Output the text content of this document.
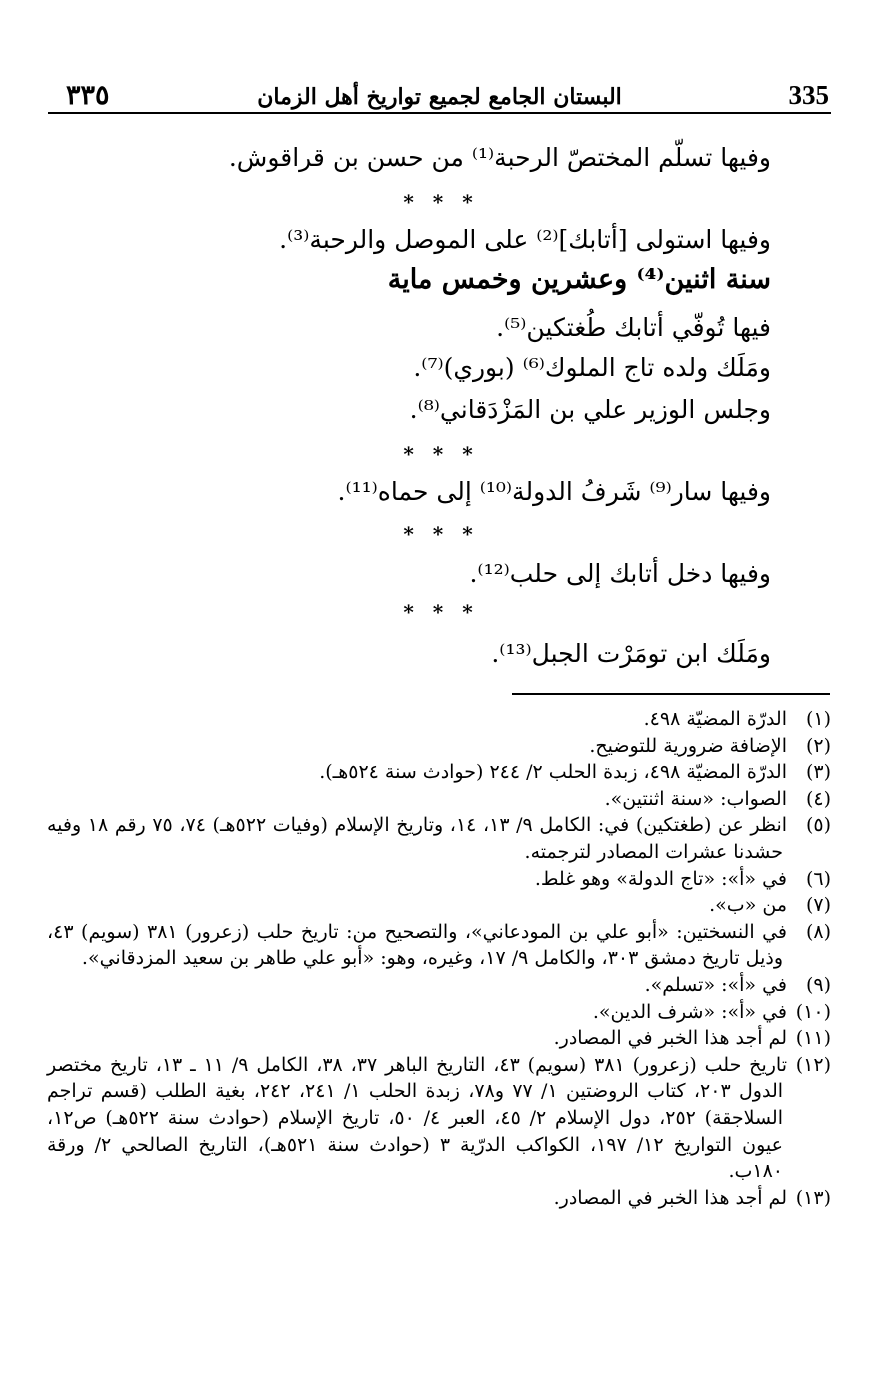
٣٣٥	البستان الجامع لجميع تواريخ أهل الزمان	335
وفيها تسلّم المختصّ الرحبة⁽¹⁾ من حسن بن قراقوش.
* * *
وفيها استولى [أتابك]⁽²⁾ على الموصل والرحبة⁽³⁾.
سنة اثنين⁽⁴⁾ وعشرين وخمس ماية
فيها تُوفّي أتابك طُغتكين⁽⁵⁾.
ومَلَك ولده تاج الملوك⁽⁶⁾ (بوري)⁽⁷⁾.
وجلس الوزير علي بن المَزْدَقاني⁽⁸⁾.
* * *
وفيها سار⁽⁹⁾ شَرفُ الدولة⁽¹⁰⁾ إلى حماه⁽¹¹⁾.
* * *
وفيها دخل أتابك إلى حلب⁽¹²⁾.
* * *
ومَلَك ابن تومَرْت الجبل⁽¹³⁾.

(١)الدرّة المضيّة ٤٩٨.

(٢)الإضافة ضرورية للتوضيح.

(٣)الدرّة المضيّة ٤٩٨، زبدة الحلب ٢/ ٢٤٤ (حوادث سنة ٥٢٤هـ).

(٤)الصواب: «سنة اثنتين».

(٥)انظر عن (طغتكين) في: الكامل ٩/ ١٣، ١٤، وتاريخ الإسلام (وفيات ٥٢٢هـ) ٧٤، ٧٥ رقم ١٨ وفيه حشدنا عشرات المصادر لترجمته.

(٦)في «أ»: «تاج الدولة» وهو غلط.

(٧)من «ب».

(٨)في النسختين: «أبو علي بن المودعاني»، والتصحيح من: تاريخ حلب (زعرور) ٣٨١ (سويم) ٤٣، وذيل تاريخ دمشق ٣٠٣، والكامل ٩/ ١٧، وغيره، وهو: «أبو علي طاهر بن سعيد المزدقاني».

(٩)في «أ»: «تسلم».

(١٠)في «أ»: «شرف الدين».

(١١)لم أجد هذا الخبر في المصادر.

(١٢)تاريخ حلب (زعرور) ٣٨١ (سويم) ٤٣، التاريخ الباهر ٣٧، ٣٨، الكامل ٩/ ١١ ـ ١٣، تاريخ مختصر الدول ٢٠٣، كتاب الروضتين ١/ ٧٧ و٧٨، زبدة الحلب ١/ ٢٤١، ٢٤٢، بغية الطلب (قسم تراجم السلاجقة) ٢٥٢، دول الإسلام ٢/ ٤٥، العبر ٤/ ٥٠، تاريخ الإسلام (حوادث سنة ٥٢٢هـ) ص١٢، عيون التواريخ ١٢/ ١٩٧، الكواكب الدرّية ٣ (حوادث سنة ٥٢١هـ)، التاريخ الصالحي ٢/ ورقة ١٨٠ب.

(١٣)لم أجد هذا الخبر في المصادر.
